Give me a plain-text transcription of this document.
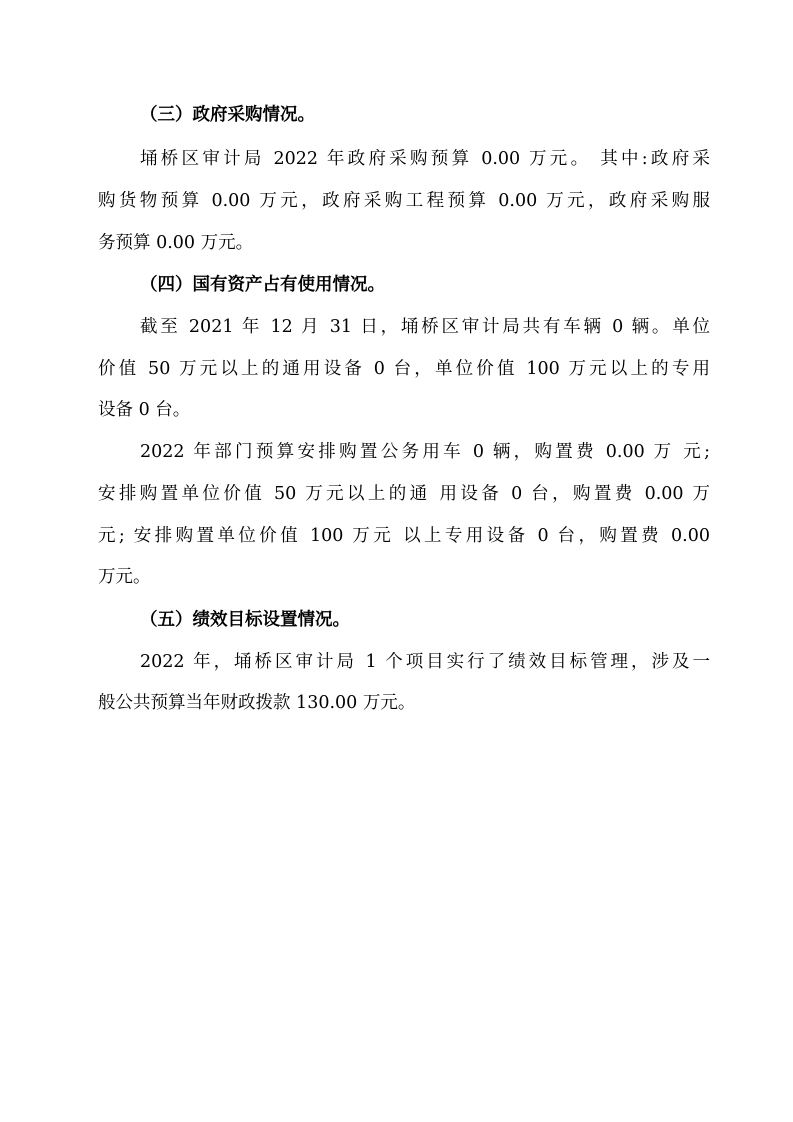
（三）政府采购情况。
埇桥区审计局 2022 年政府采购预算 0.00 万元。 其中:政府采
购货物预算 0.00 万元，政府采购工程预算 0.00 万元，政府采购服
务预算 0.00 万元。
（四）国有资产占有使用情况。
截至 2021 年 12 月 31 日，埇桥区审计局共有车辆 0 辆。单位
价值 50 万元以上的通用设备 0 台，单位价值 100 万元以上的专用
设备 0 台。
2022 年部门预算安排购置公务用车 0 辆，购置费 0.00 万 元;
安排购置单位价值 50 万元以上的通 用设备 0 台，购置费 0.00 万
元; 安排购置单位价值 100 万元 以上专用设备 0 台，购置费 0.00
万元。
（五）绩效目标设置情况。
2022 年，埇桥区审计局 1 个项目实行了绩效目标管理，涉及一
般公共预算当年财政拨款 130.00 万元。
